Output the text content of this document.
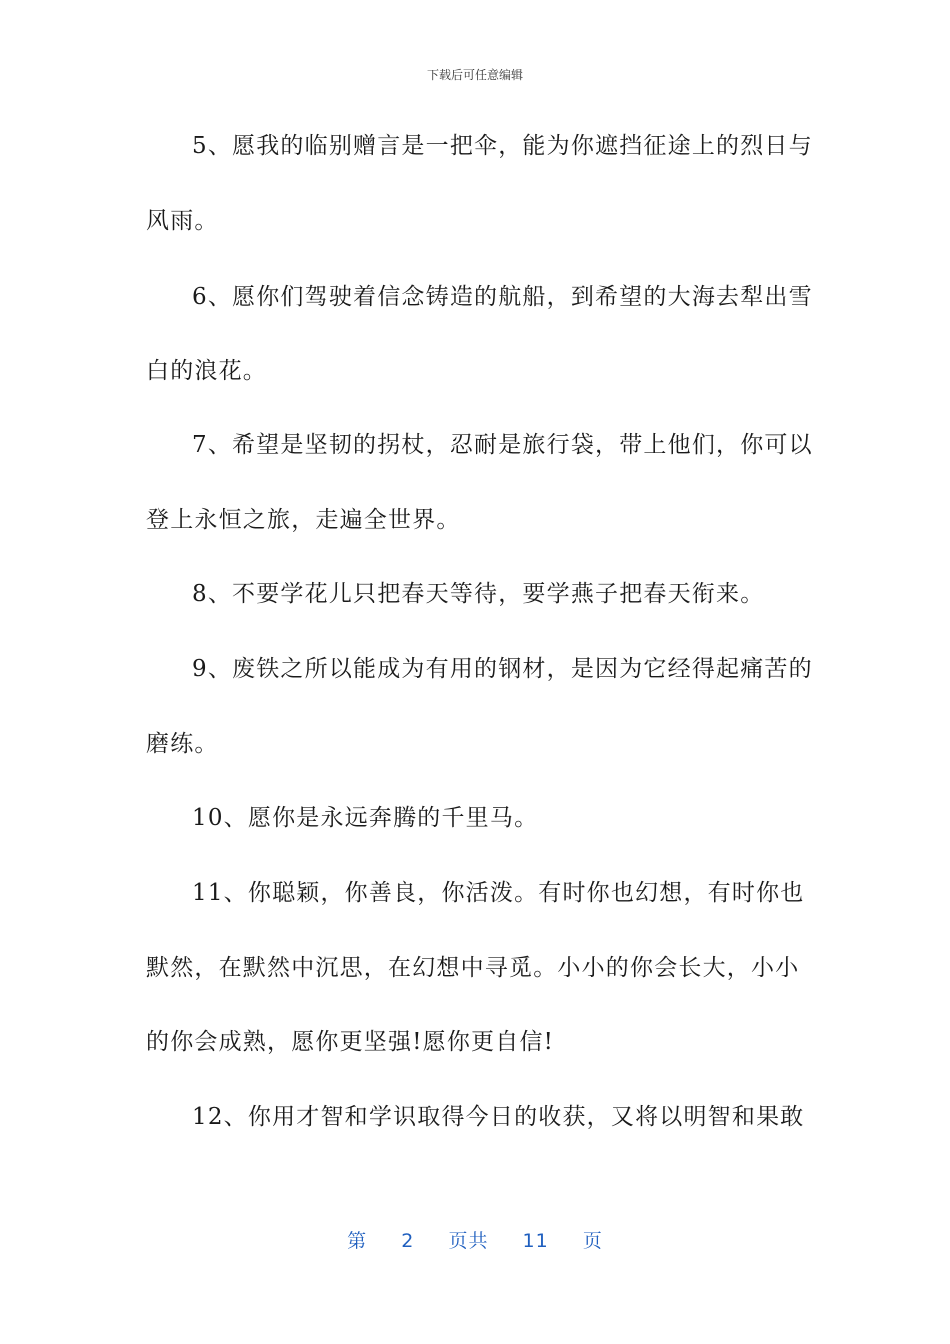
下载后可任意编辑
5、愿我的临别赠言是一把伞，能为你遮挡征途上的烈日与
风雨。
6、愿你们驾驶着信念铸造的航船，到希望的大海去犁出雪
白的浪花。
7、希望是坚韧的拐杖，忍耐是旅行袋，带上他们，你可以
登上永恒之旅，走遍全世界。
8、不要学花儿只把春天等待，要学燕子把春天衔来。
9、废铁之所以能成为有用的钢材，是因为它经得起痛苦的
磨练。
10、愿你是永远奔腾的千里马。
11、你聪颖，你善良，你活泼。有时你也幻想，有时你也
默然，在默然中沉思，在幻想中寻觅。小小的你会长大，小小
的你会成熟，愿你更坚强!愿你更自信!
12、你用才智和学识取得今日的收获，又将以明智和果敢
第 2 页共 11 页
